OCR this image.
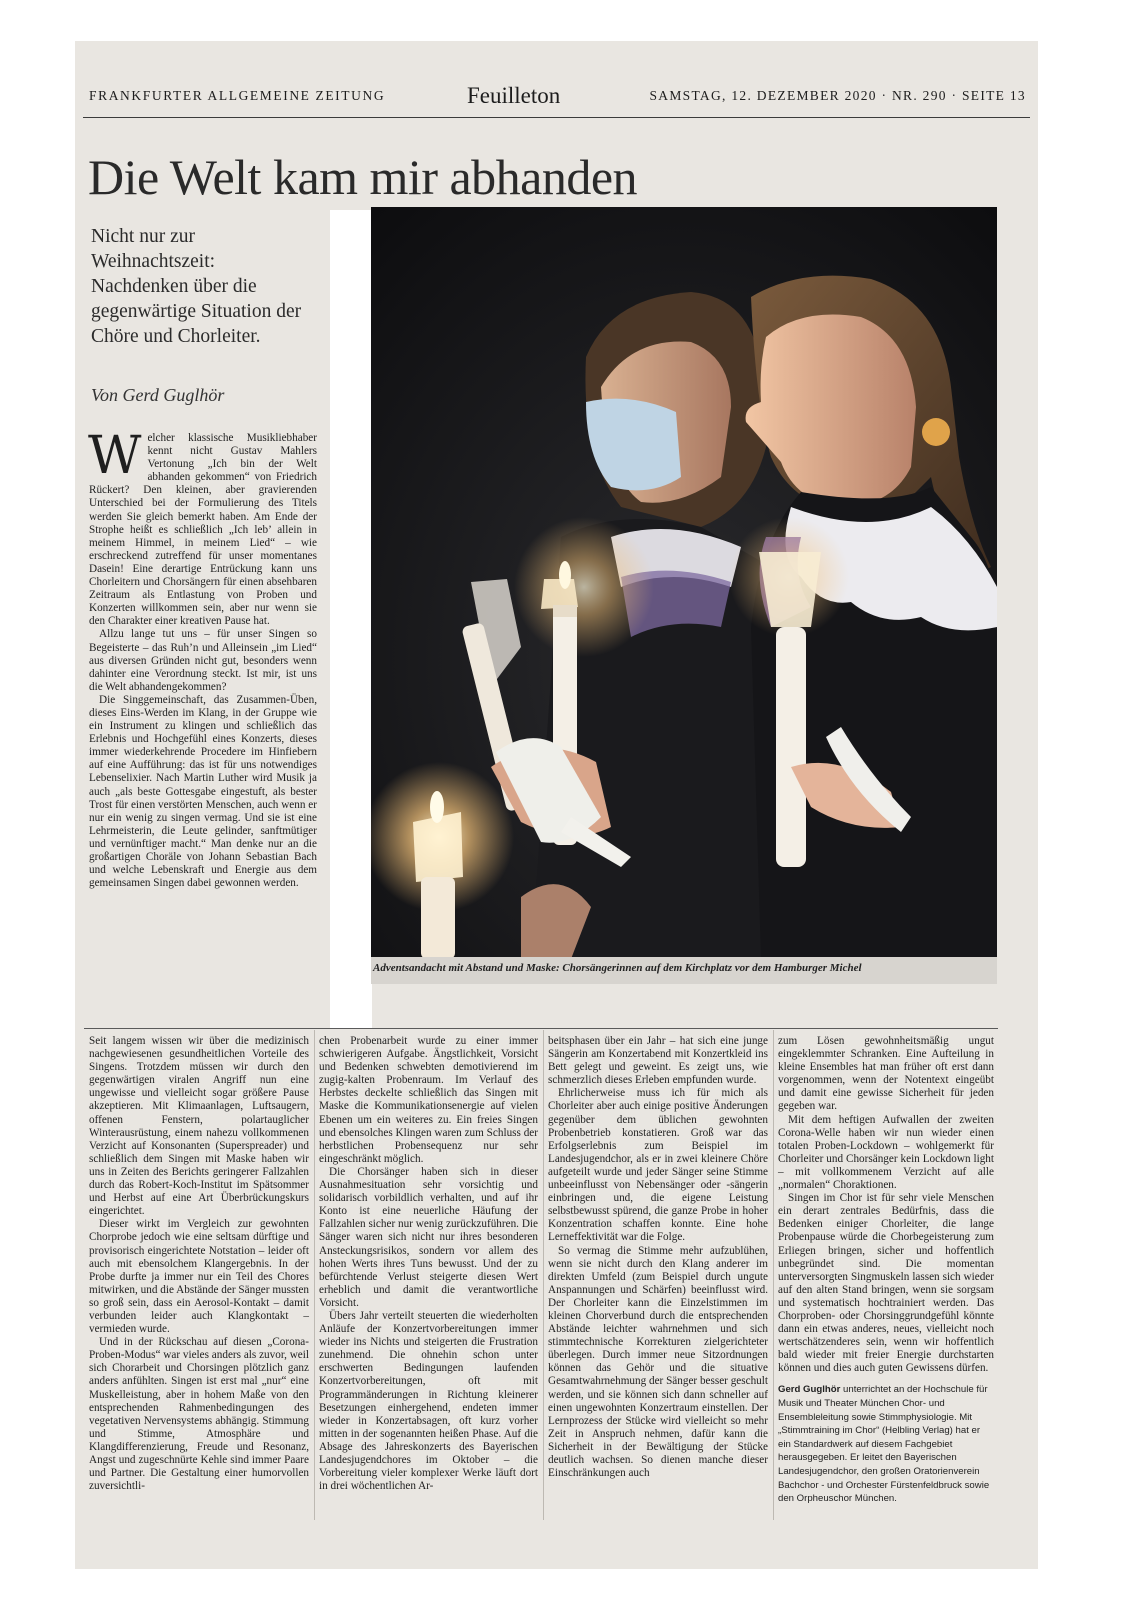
FRANKFURTER ALLGEMEINE ZEITUNG	Feuilleton	SAMSTAG, 12. DEZEMBER 2020 · NR. 290 · SEITE 13
Die Welt kam mir abhanden
Nicht nur zur Weihnachtszeit: Nachdenken über die gegenwärtige Situation der Chöre und Chorleiter.
Von Gerd Guglhör

Welcher klassische Musikliebhaber kennt nicht Gustav Mahlers Vertonung „Ich bin der Welt abhanden gekommen“ von Friedrich Rückert? Den kleinen, aber gravierenden Unterschied bei der Formulierung des Titels werden Sie gleich bemerkt haben. Am Ende der Strophe heißt es schließlich „Ich leb’ allein in meinem Himmel, in meinem Lied“ – wie erschreckend zutreffend für unser momentanes Dasein! Eine derartige Entrückung kann uns Chorleitern und Chorsängern für einen absehbaren Zeitraum als Entlastung von Proben und Konzerten willkommen sein, aber nur wenn sie den Charakter einer kreativen Pause hat.

Allzu lange tut uns – für unser Singen so Begeisterte – das Ruh’n und Alleinsein „im Lied“ aus diversen Gründen nicht gut, besonders wenn dahinter eine Verordnung steckt. Ist mir, ist uns die Welt abhandengekommen?

Die Singgemeinschaft, das Zusammen-Üben, dieses Eins-Werden im Klang, in der Gruppe wie ein Instrument zu klingen und schließlich das Erlebnis und Hochgefühl eines Konzerts, dieses immer wiederkehrende Procedere im Hinfiebern auf eine Aufführung: das ist für uns notwendiges Lebenselixier. Nach Martin Luther wird Musik ja auch „als beste Gottesgabe eingestuft, als bester Trost für einen verstörten Menschen, auch wenn er nur ein wenig zu singen vermag. Und sie ist eine Lehrmeisterin, die Leute gelinder, sanftmütiger und vernünftiger macht.“ Man denke nur an die großartigen Choräle von Johann Sebastian Bach und welche Lebenskraft und Energie aus dem gemeinsamen Singen dabei gewonnen werden.

Adventsandacht mit Abstand und Maske: Chorsängerinnen auf dem Kirchplatz vor dem Hamburger Michel

Seit langem wissen wir über die medizinisch nachgewiesenen gesundheitlichen Vorteile des Singens. Trotzdem müssen wir durch den gegenwärtigen viralen Angriff nun eine ungewisse und vielleicht sogar größere Pause akzeptieren. Mit Klimaanlagen, Luftsaugern, offenen Fenstern, polartauglicher Winterausrüstung, einem nahezu vollkommenen Verzicht auf Konsonanten (Superspreader) und schließlich dem Singen mit Maske haben wir uns in Zeiten des Berichts geringerer Fallzahlen durch das Robert-Koch-Institut im Spätsommer und Herbst auf eine Art Überbrückungskurs eingerichtet.

Dieser wirkt im Vergleich zur gewohnten Chorprobe jedoch wie eine seltsam dürftige und provisorisch eingerichtete Notstation – leider oft auch mit ebensolchem Klangergebnis. In der Probe durfte ja immer nur ein Teil des Chores mitwirken, und die Abstände der Sänger mussten so groß sein, dass ein Aerosol-Kontakt – damit verbunden leider auch Klangkontakt – vermieden wurde.

Und in der Rückschau auf diesen „Corona-Proben-Modus“ war vieles anders als zuvor, weil sich Chorarbeit und Chorsingen plötzlich ganz anders anfühlten. Singen ist erst mal „nur“ eine Muskelleistung, aber in hohem Maße von den entsprechenden Rahmenbedingungen des vegetativen Nervensystems abhängig. Stimmung und Stimme, Atmosphäre und Klangdifferenzierung, Freude und Resonanz, Angst und zugeschnürte Kehle sind immer Paare und Partner. Die Gestaltung einer humorvollen zuversichtli-

chen Probenarbeit wurde zu einer immer schwierigeren Aufgabe. Ängstlichkeit, Vorsicht und Bedenken schwebten demotivierend im zugig-kalten Probenraum. Im Verlauf des Herbstes deckelte schließlich das Singen mit Maske die Kommunikationsenergie auf vielen Ebenen um ein weiteres zu. Ein freies Singen und ebensolches Klingen waren zum Schluss der herbstlichen Probensequenz nur sehr eingeschränkt möglich.

Die Chorsänger haben sich in dieser Ausnahmesituation sehr vorsichtig und solidarisch vorbildlich verhalten, und auf ihr Konto ist eine neuerliche Häufung der Fallzahlen sicher nur wenig zurückzuführen. Die Sänger waren sich nicht nur ihres besonderen Ansteckungsrisikos, sondern vor allem des hohen Werts ihres Tuns bewusst. Und der zu befürchtende Verlust steigerte diesen Wert erheblich und damit die verantwortliche Vorsicht.

Übers Jahr verteilt steuerten die wiederholten Anläufe der Konzertvorbereitungen immer wieder ins Nichts und steigerten die Frustration zunehmend. Die ohnehin schon unter erschwerten Bedingungen laufenden Konzertvorbereitungen, oft mit Programmänderungen in Richtung kleinerer Besetzungen einhergehend, endeten immer wieder in Konzertabsagen, oft kurz vorher mitten in der sogenannten heißen Phase. Auf die Absage des Jahreskonzerts des Bayerischen Landesjugendchores im Oktober – die Vorbereitung vieler komplexer Werke läuft dort in drei wöchentlichen Ar-

beitsphasen über ein Jahr – hat sich eine junge Sängerin am Konzertabend mit Konzertkleid ins Bett gelegt und geweint. Es zeigt uns, wie schmerzlich dieses Erleben empfunden wurde.

Ehrlicherweise muss ich für mich als Chorleiter aber auch einige positive Änderungen gegenüber dem üblichen gewohnten Probenbetrieb konstatieren. Groß war das Erfolgserlebnis zum Beispiel im Landesjugendchor, als er in zwei kleinere Chöre aufgeteilt wurde und jeder Sänger seine Stimme unbeeinflusst von Nebensänger oder -sängerin einbringen und, die eigene Leistung selbstbewusst spürend, die ganze Probe in hoher Konzentration schaffen konnte. Eine hohe Lerneffektivität war die Folge.

So vermag die Stimme mehr aufzublühen, wenn sie nicht durch den Klang anderer im direkten Umfeld (zum Beispiel durch ungute Anspannungen und Schärfen) beeinflusst wird. Der Chorleiter kann die Einzelstimmen im kleinen Chorverbund durch die entsprechenden Abstände leichter wahrnehmen und sich stimmtechnische Korrekturen zielgerichteter überlegen. Durch immer neue Sitzordnungen können das Gehör und die situative Gesamtwahrnehmung der Sänger besser geschult werden, und sie können sich dann schneller auf einen ungewohnten Konzertraum einstellen. Der Lernprozess der Stücke wird vielleicht so mehr Zeit in Anspruch nehmen, dafür kann die Sicherheit in der Bewältigung der Stücke deutlich wachsen. So dienen manche dieser Einschränkungen auch

zum Lösen gewohnheitsmäßig ungut eingeklemmter Schranken. Eine Aufteilung in kleine Ensembles hat man früher oft erst dann vorgenommen, wenn der Notentext eingeübt und damit eine gewisse Sicherheit für jeden gegeben war.

Mit dem heftigen Aufwallen der zweiten Corona-Welle haben wir nun wieder einen totalen Proben-Lockdown – wohlgemerkt für Chorleiter und Chorsänger kein Lockdown light – mit vollkommenem Verzicht auf alle „normalen“ Choraktionen.

Singen im Chor ist für sehr viele Menschen ein derart zentrales Bedürfnis, dass die Bedenken einiger Chorleiter, die lange Probenpause würde die Chorbegeisterung zum Erliegen bringen, sicher und hoffentlich unbegründet sind. Die momentan unterversorgten Singmuskeln lassen sich wieder auf den alten Stand bringen, wenn sie sorgsam und systematisch hochtrainiert werden. Das Chorproben- oder Chorsinggrundgefühl könnte dann ein etwas anderes, neues, vielleicht noch wertschätzenderes sein, wenn wir hoffentlich bald wieder mit freier Energie durchstarten können und dies auch guten Gewissens dürfen.

Gerd Guglhör unterrichtet an der Hochschule für Musik und Theater München Chor- und Ensembleleitung sowie Stimmphysiologie. Mit „Stimmtraining im Chor“ (Helbling Verlag) hat er ein Standardwerk auf diesem Fachgebiet herausgegeben. Er leitet den Bayerischen Landesjugendchor, den großen Oratorienverein Bachchor - und Orchester Fürstenfeldbruck sowie den Orpheuschor München.
